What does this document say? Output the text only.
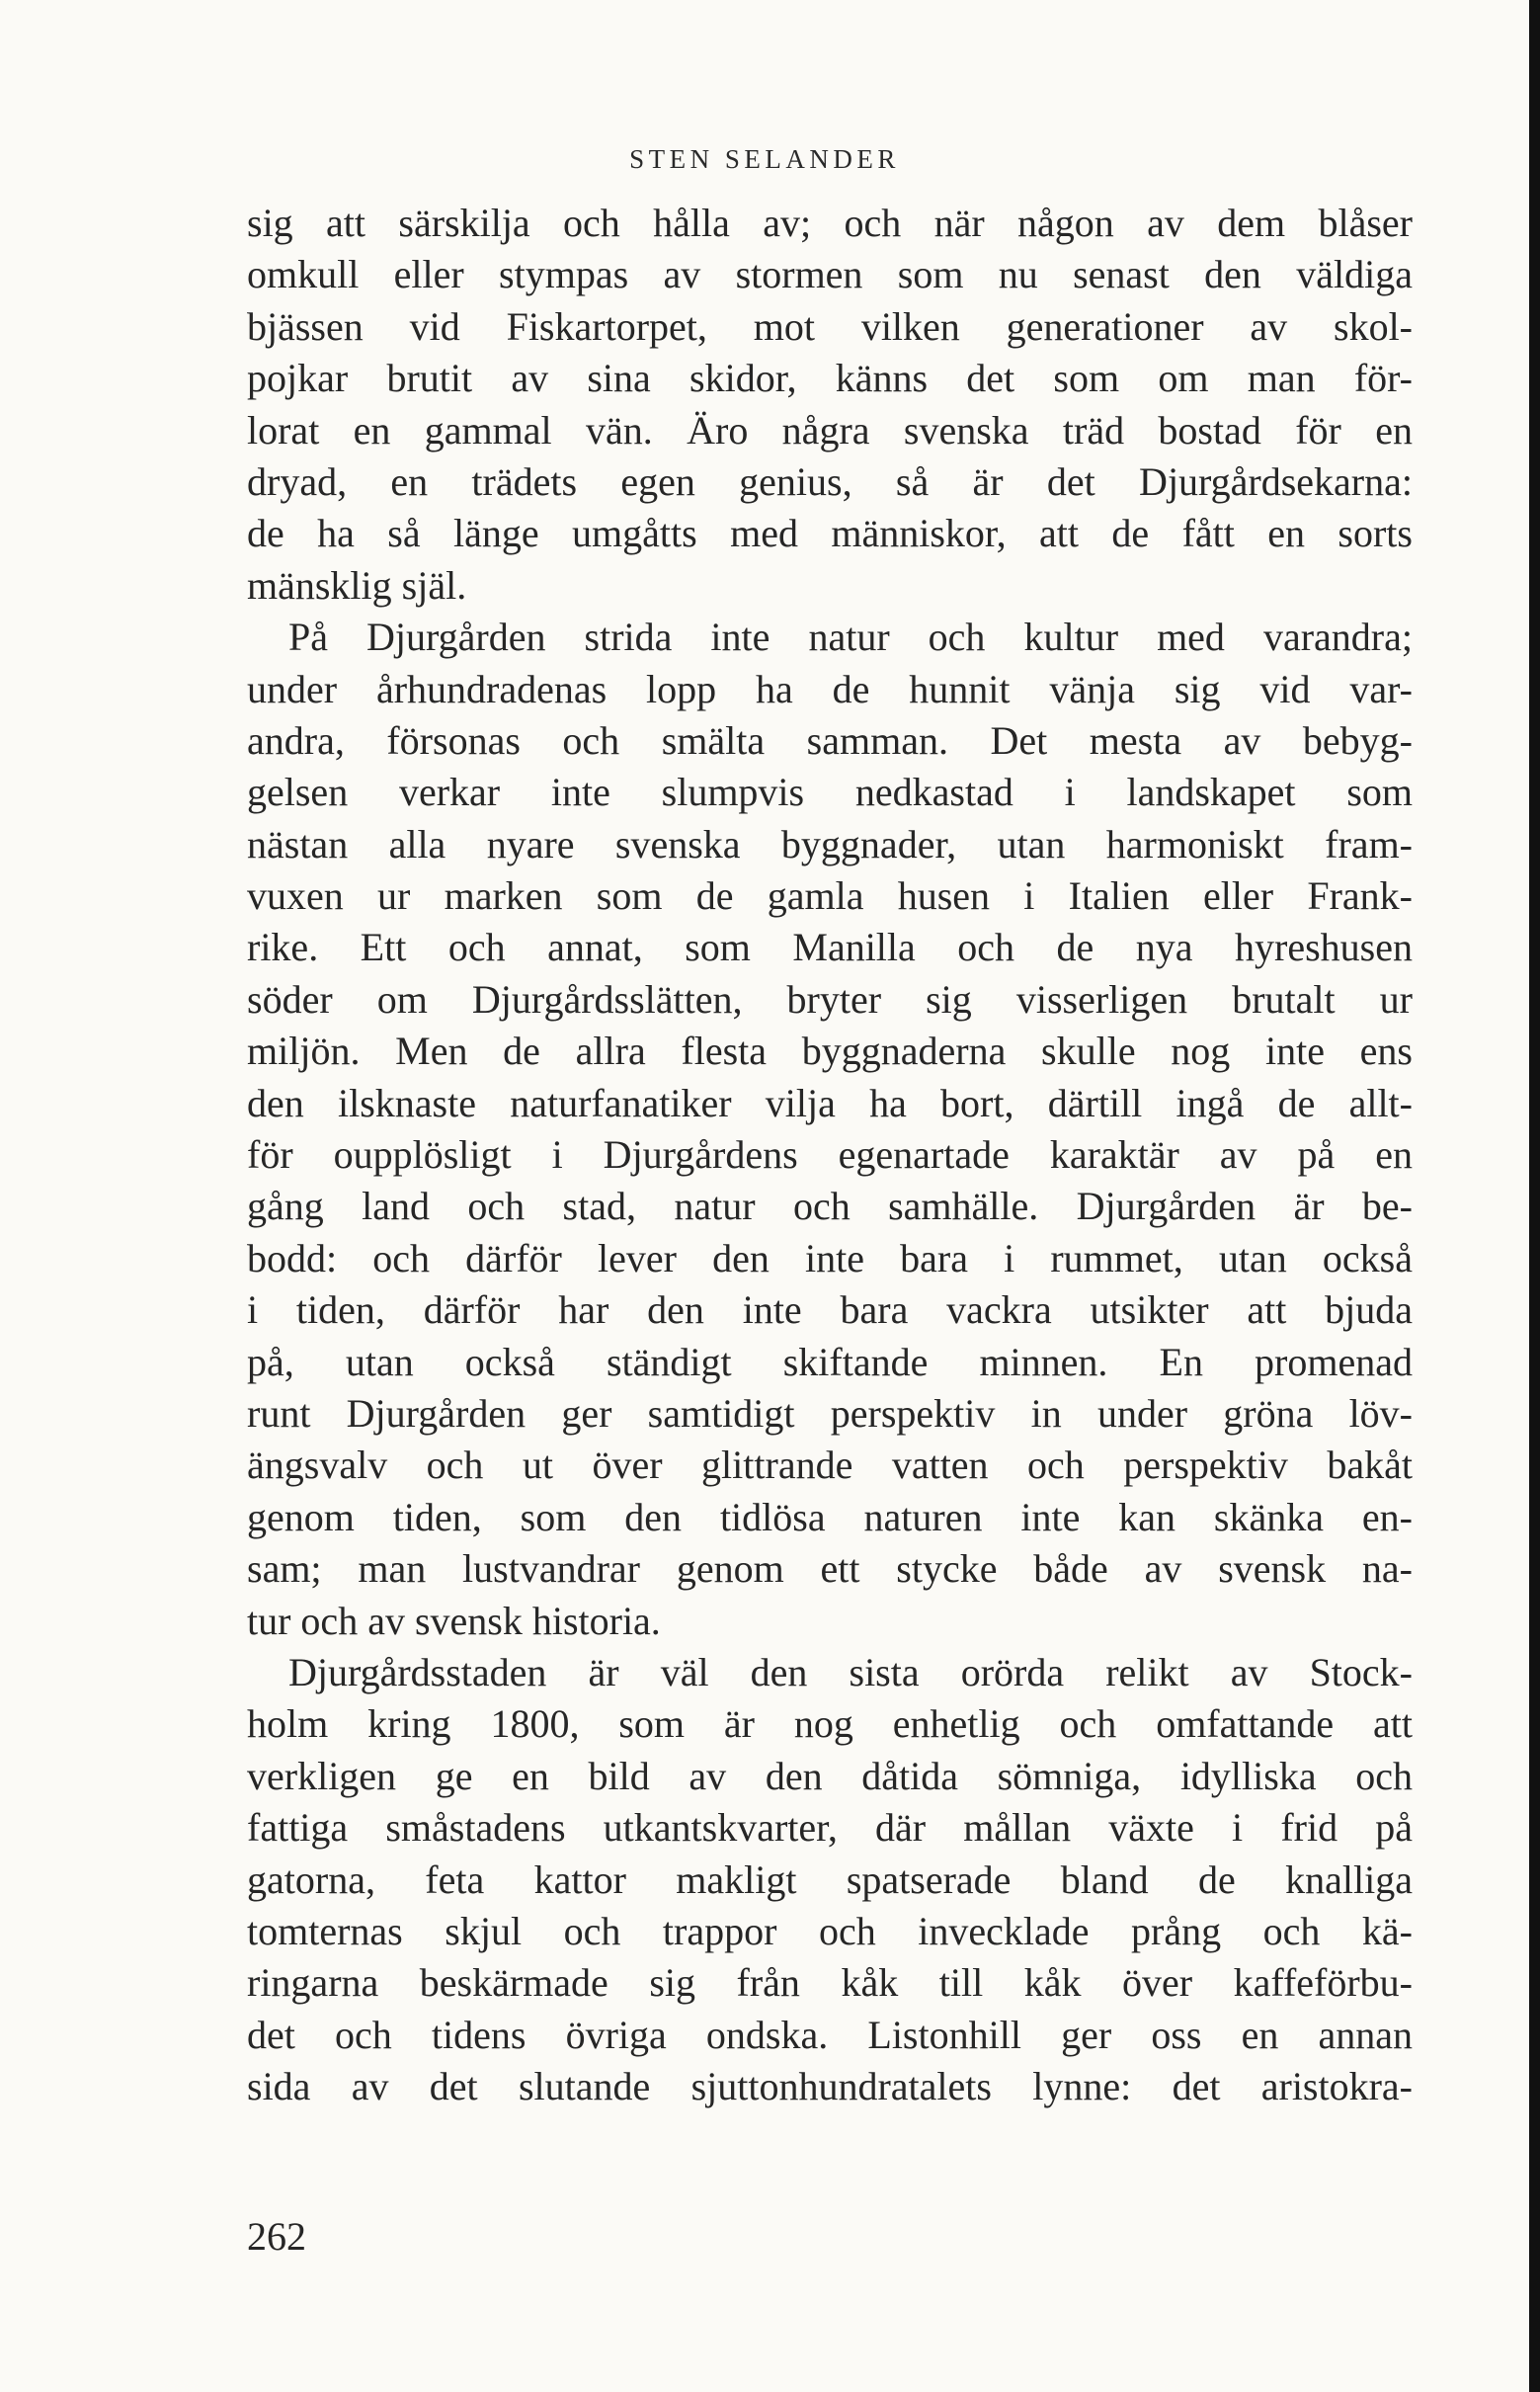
STEN SELANDER
sig att särskilja och hålla av; och när någon av dem blåser
omkull eller stympas av stormen som nu senast den väldiga
bjässen vid Fiskartorpet, mot vilken generationer av skol-
pojkar brutit av sina skidor, känns det som om man för-
lorat en gammal vän. Äro några svenska träd bostad för en
dryad, en trädets egen genius, så är det Djurgårdsekarna:
de ha så länge umgåtts med människor, att de fått en sorts
mänsklig själ.
På Djurgården strida inte natur och kultur med varandra;
under århundradenas lopp ha de hunnit vänja sig vid var-
andra, försonas och smälta samman. Det mesta av bebyg-
gelsen verkar inte slumpvis nedkastad i landskapet som
nästan alla nyare svenska byggnader, utan harmoniskt fram-
vuxen ur marken som de gamla husen i Italien eller Frank-
rike. Ett och annat, som Manilla och de nya hyreshusen
söder om Djurgårdsslätten, bryter sig visserligen brutalt ur
miljön. Men de allra flesta byggnaderna skulle nog inte ens
den ilsknaste naturfanatiker vilja ha bort, därtill ingå de allt-
för oupplösligt i Djurgårdens egenartade karaktär av på en
gång land och stad, natur och samhälle. Djurgården är be-
bodd: och därför lever den inte bara i rummet, utan också
i tiden, därför har den inte bara vackra utsikter att bjuda
på, utan också ständigt skiftande minnen. En promenad
runt Djurgården ger samtidigt perspektiv in under gröna löv-
ängsvalv och ut över glittrande vatten och perspektiv bakåt
genom tiden, som den tidlösa naturen inte kan skänka en-
sam; man lustvandrar genom ett stycke både av svensk na-
tur och av svensk historia.
Djurgårdsstaden är väl den sista orörda relikt av Stock-
holm kring 1800, som är nog enhetlig och omfattande att
verkligen ge en bild av den dåtida sömniga, idylliska och
fattiga småstadens utkantskvarter, där mållan växte i frid på
gatorna, feta kattor makligt spatserade bland de knalliga
tomternas skjul och trappor och invecklade prång och kä-
ringarna beskärmade sig från kåk till kåk över kaffeförbu-
det och tidens övriga ondska. Listonhill ger oss en annan
sida av det slutande sjuttonhundratalets lynne: det aristokra-
262
